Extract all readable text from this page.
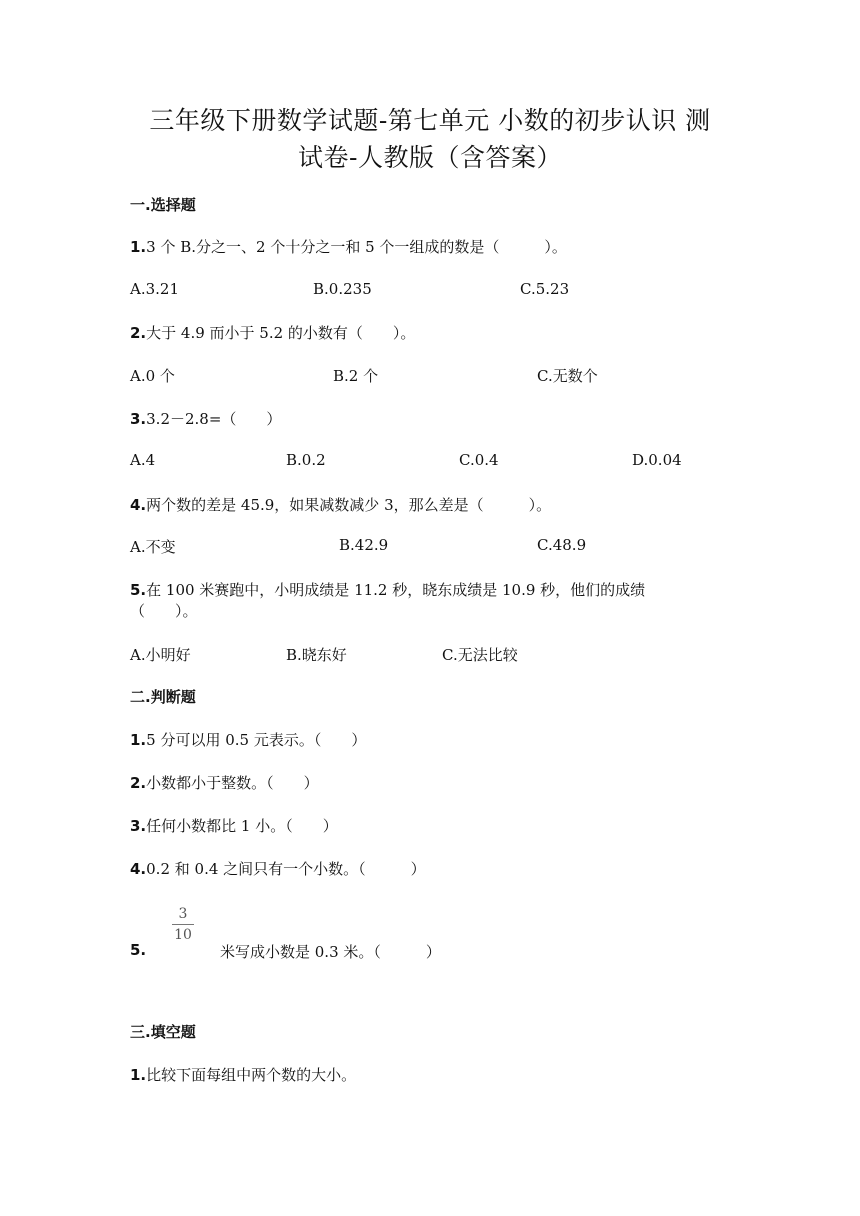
三年级下册数学试题-第七单元 小数的初步认识 测
试卷-人教版（含答案）
一.选择题
1.3 个 B.分之一、2 个十分之一和 5 个一组成的数是（　　　）。
A.3.21	B.0.235	C.5.23
2.大于 4.9 而小于 5.2 的小数有（　　）。
A.0 个	B.2 个	C.无数个
3.3.2－2.8=（　　）
A.4	B.0.2	C.0.4	D.0.04
4.两个数的差是 45.9，如果减数减少 3，那么差是（　　　）。
A.不变	B.42.9	C.48.9
5.在 100 米赛跑中，小明成绩是 11.2 秒，晓东成绩是 10.9 秒，他们的成绩
（　　）。
A.小明好	B.晓东好	C.无法比较
二.判断题
1.5 分可以用 0.5 元表示。（　　）
2.小数都小于整数。（　　）
3.任何小数都比 1 小。（　　）
4.0.2 和 0.4 之间只有一个小数。（　　　）
3
10
5.	米写成小数是 0.3 米。（　　　）
三.填空题
1.比较下面每组中两个数的大小。
